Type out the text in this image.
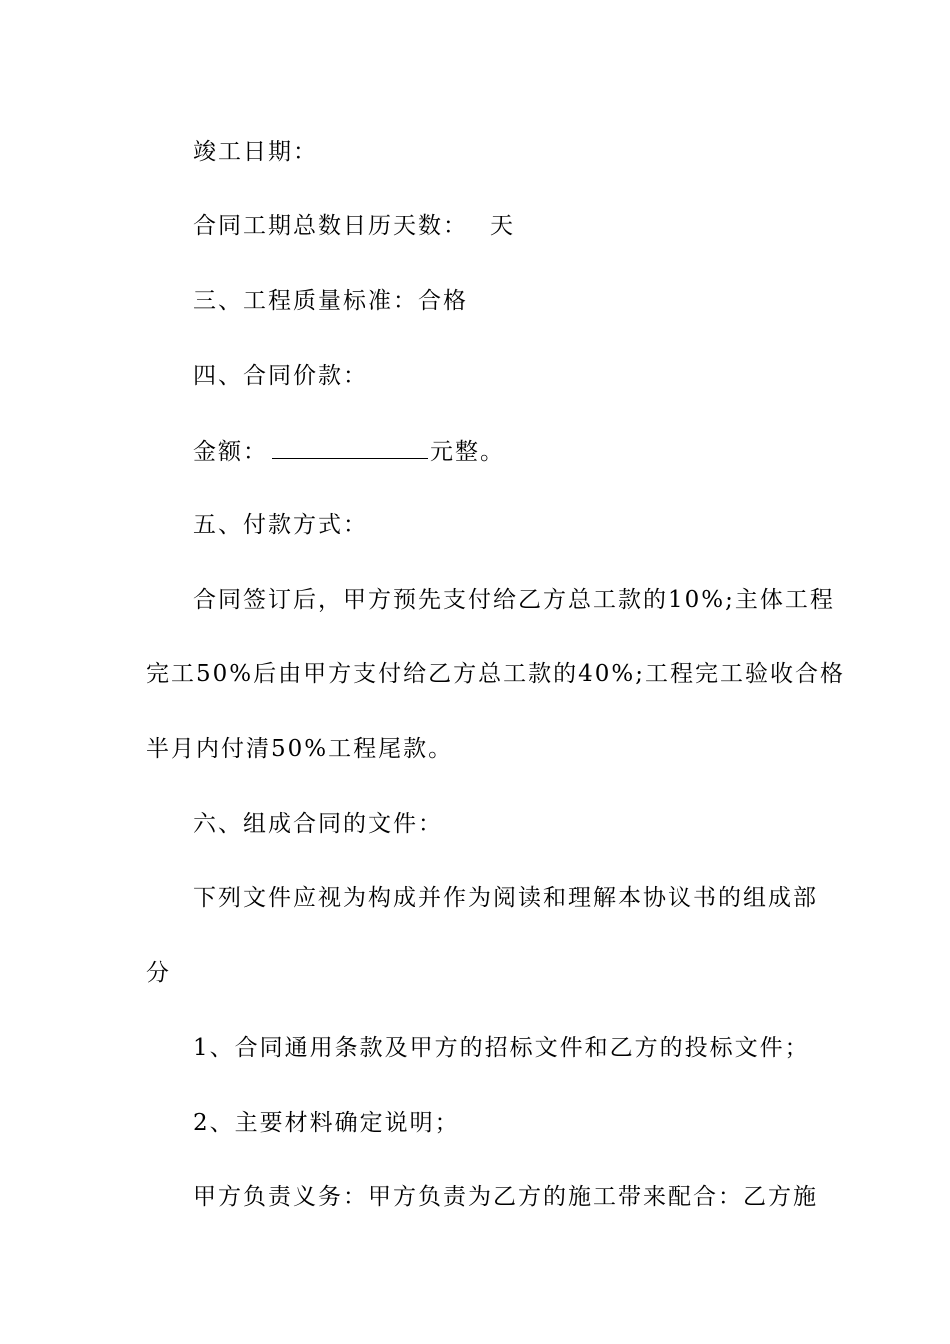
竣工日期：
合同工期总数日历天数： 天
三、工程质量标准：合格
四、合同价款：
金额：	元整。
五、付款方式：
合同签订后，甲方预先支付给乙方总工款的10%;主体工程
完工50%后由甲方支付给乙方总工款的40%;工程完工验收合格
半月内付清50%工程尾款。
六、组成合同的文件：
下列文件应视为构成并作为阅读和理解本协议书的组成部
分
1、合同通用条款及甲方的招标文件和乙方的投标文件；
2、主要材料确定说明；
甲方负责义务：甲方负责为乙方的施工带来配合：乙方施
